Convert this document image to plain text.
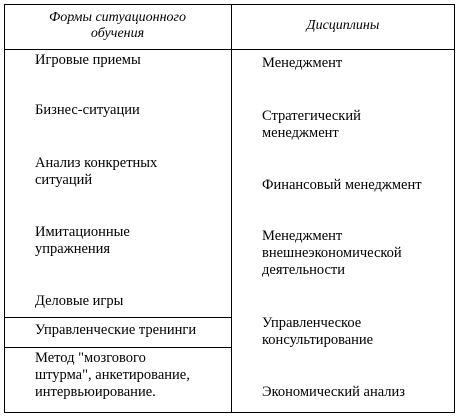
Формы ситуационного
обучения
Дисциплины
Игровые приемы
Бизнес-ситуации
Анализ конкретных
ситуаций
Имитационные
упражнения
Деловые игры
Управленческие тренинги
Метод "мозгового
штурма", анкетирование,
интервьюирование.
Менеджмент
Стратегический
менеджмент
Финансовый менеджмент
Менеджмент
внешнеэкономической
деятельности
Управленческое
консультирование
Экономический анализ
